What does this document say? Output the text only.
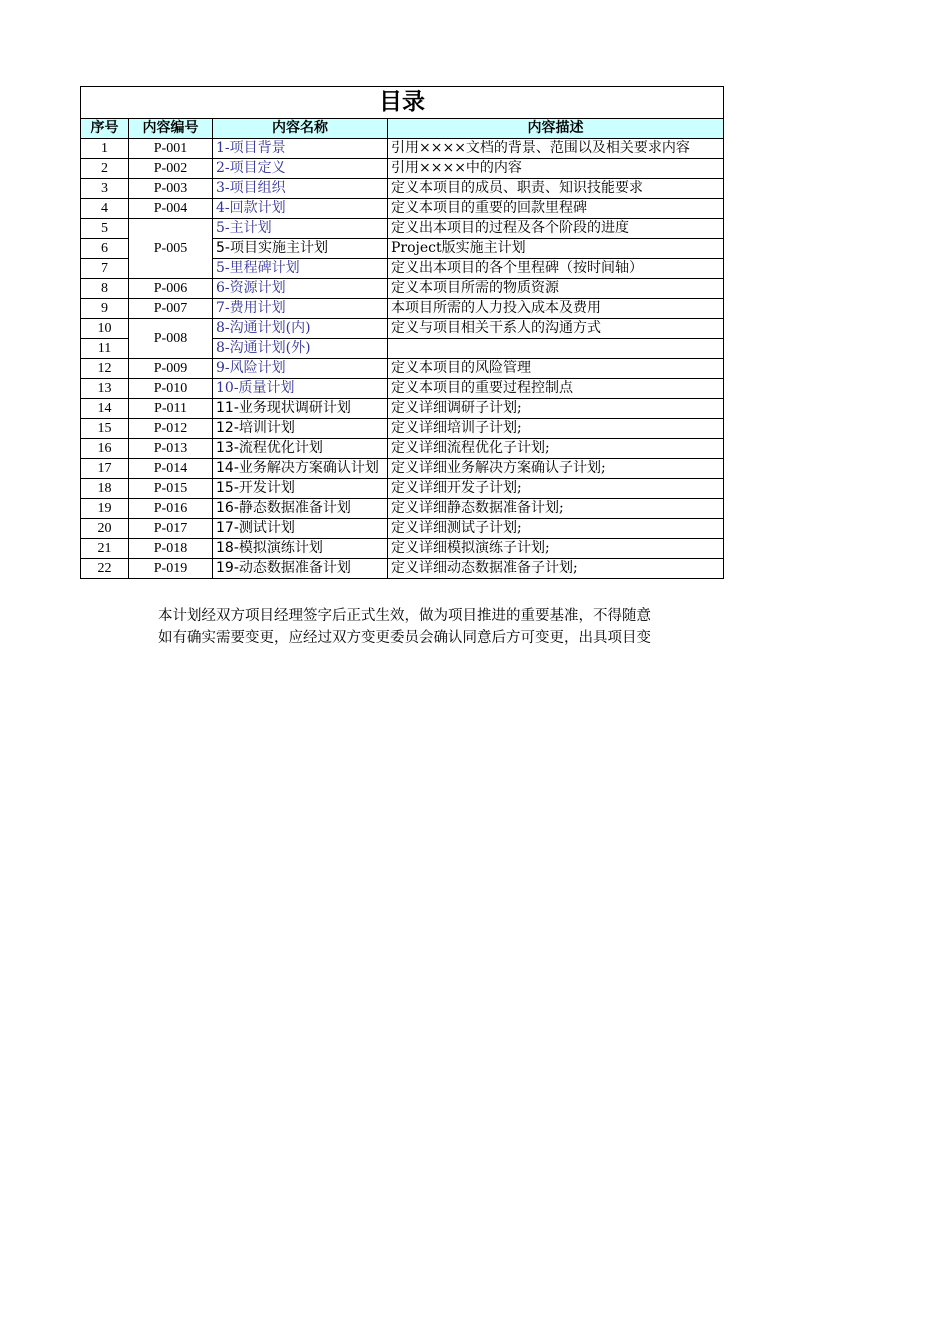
目录			
序号	内容编号	内容名称	内容描述
1	P-001	1-项目背景	引用××××文档的背景、范围以及相关要求内容
2	P-002	2-项目定义	引用××××中的内容
3	P-003	3-项目组织	定义本项目的成员、职责、知识技能要求
4	P-004	4-回款计划	定义本项目的重要的回款里程碑
5	P-005	5-主计划	定义出本项目的过程及各个阶段的进度
6		5-项目实施主计划	Project版实施主计划
7		5-里程碑计划	定义出本项目的各个里程碑（按时间轴）
8	P-006	6-资源计划	定义本项目所需的物质资源
9	P-007	7-费用计划	本项目所需的人力投入成本及费用
10	P-008	8-沟通计划(内)	定义与项目相关干系人的沟通方式
11		8-沟通计划(外)	
12	P-009	9-风险计划	定义本项目的风险管理
13	P-010	10-质量计划	定义本项目的重要过程控制点
14	P-011	11-业务现状调研计划	定义详细调研子计划;
15	P-012	12-培训计划	定义详细培训子计划;
16	P-013	13-流程优化计划	定义详细流程优化子计划;
17	P-014	14-业务解决方案确认计划	定义详细业务解决方案确认子计划;
18	P-015	15-开发计划	定义详细开发子计划;
19	P-016	16-静态数据准备计划	定义详细静态数据准备计划;
20	P-017	17-测试计划	定义详细测试子计划;
21	P-018	18-模拟演练计划	定义详细模拟演练子计划;
22	P-019	19-动态数据准备计划	定义详细动态数据准备子计划;
本计划经双方项目经理签字后正式生效，做为项目推进的重要基准，不得随意
如有确实需要变更，应经过双方变更委员会确认同意后方可变更，出具项目变
